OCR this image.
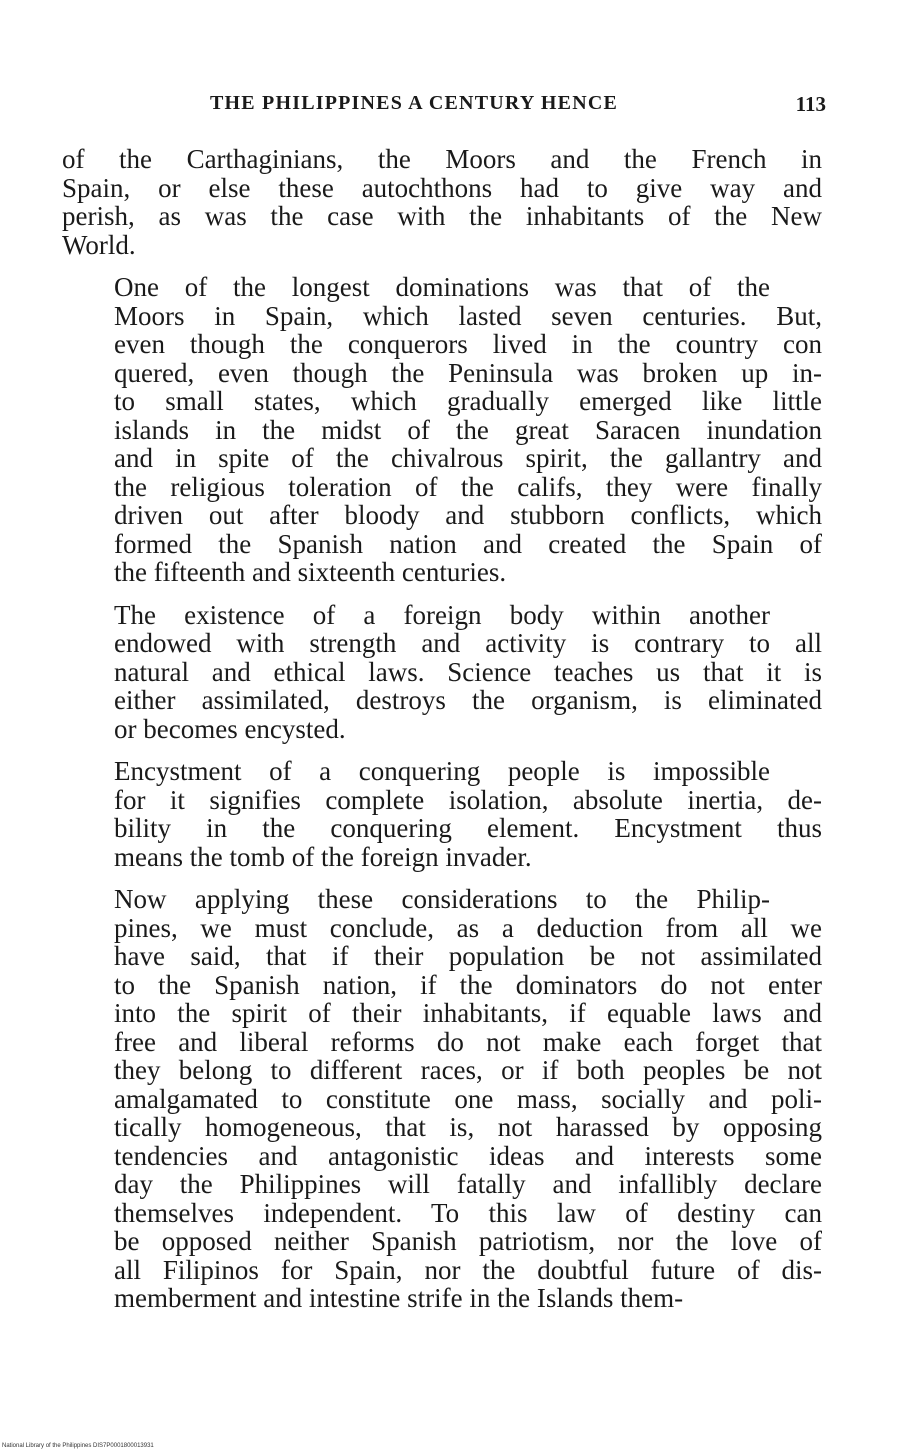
THE PHILIPPINES A CENTURY HENCE	113

of the Carthaginians, the Moors and the French in
Spain, or else these autochthons had to give way and
perish, as was the case with the inhabitants of the New
World.

One of the longest dominations was that of the
Moors in Spain, which lasted seven centuries. But,
even though the conquerors lived in the country con
quered, even though the Peninsula was broken up in-
to small states, which gradually emerged like little
islands in the midst of the great Saracen inundation
and in spite of the chivalrous spirit, the gallantry and
the religious toleration of the califs, they were finally
driven out after bloody and stubborn conflicts, which
formed the Spanish nation and created the Spain of
the fifteenth and sixteenth centuries.

The existence of a foreign body within another
endowed with strength and activity is contrary to all
natural and ethical laws. Science teaches us that it is
either assimilated, destroys the organism, is eliminated
or becomes encysted.

Encystment of a conquering people is impossible
for it signifies complete isolation, absolute inertia, de-
bility in the conquering element. Encystment thus
means the tomb of the foreign invader.

Now applying these considerations to the Philip-
pines, we must conclude, as a deduction from all we
have said, that if their population be not assimilated
to the Spanish nation, if the dominators do not enter
into the spirit of their inhabitants, if equable laws and
free and liberal reforms do not make each forget that
they belong to different races, or if both peoples be not
amalgamated to constitute one mass, socially and poli-
tically homogeneous, that is, not harassed by opposing
tendencies and antagonistic ideas and interests some
day the Philippines will fatally and infallibly declare
themselves independent. To this law of destiny can
be opposed neither Spanish patriotism, nor the love of
all Filipinos for Spain, nor the doubtful future of dis-
memberment and intestine strife in the Islands them-

National Library of the Philippines DIS7P0001800013931
